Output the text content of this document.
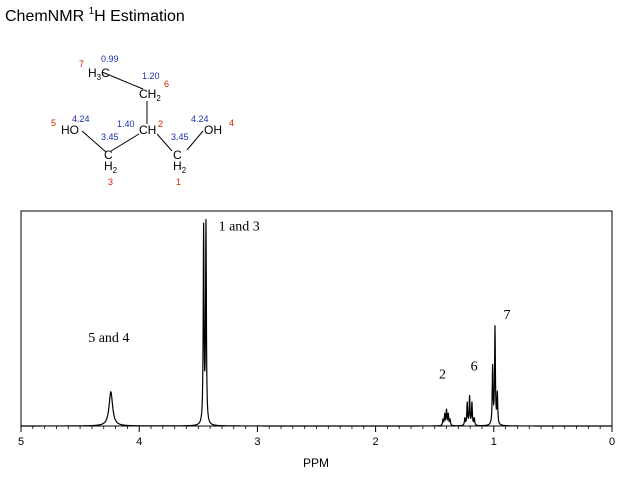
ChemNMR $^1$H Estimation
$H_3C$
$CH_2$
CH
HO	OH
C
$H_2$
C
$H_2$
7
6
2
5	4
3	1
0.99
1.20
1.40
4.24	4.24
3.45	3.45
5	4	3	2	1	0
5 and 4
1 and 3
2
6
7
PPM
